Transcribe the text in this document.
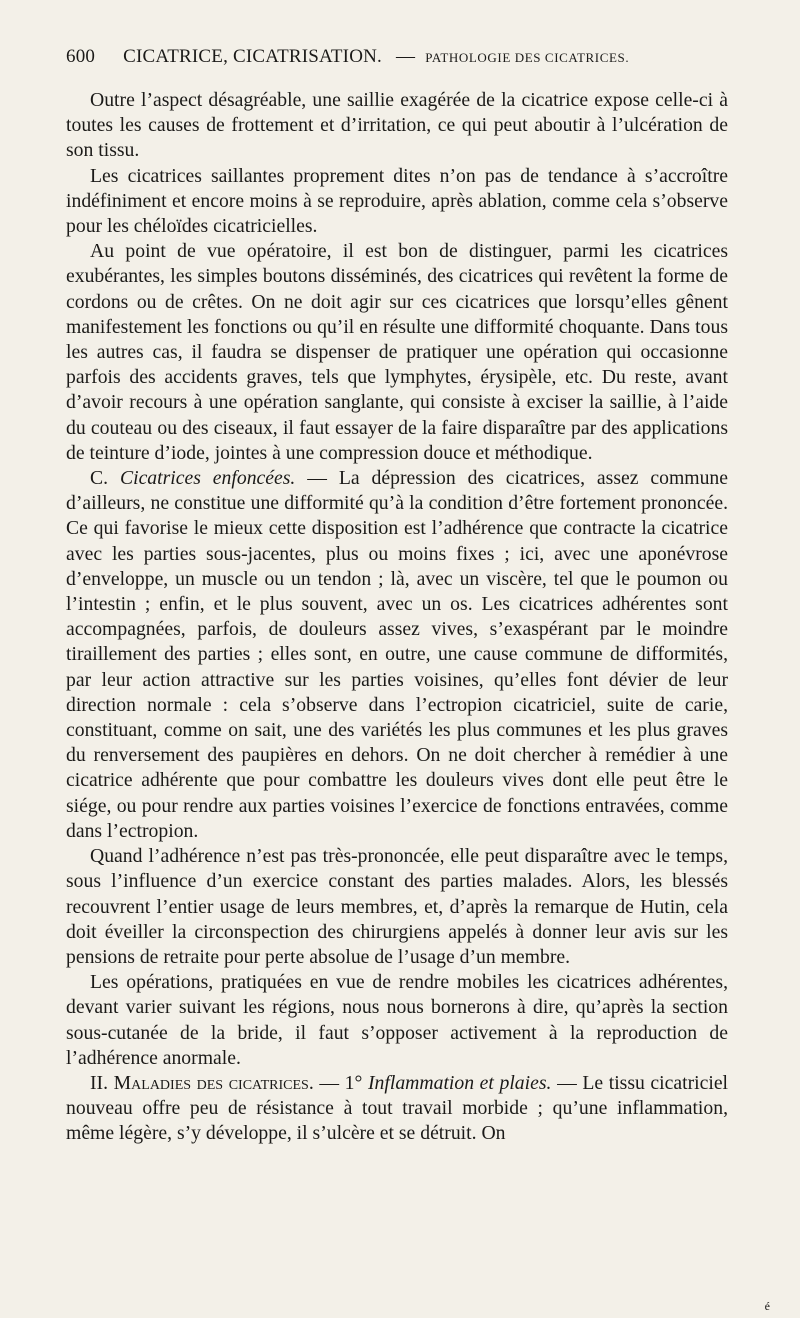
600 CICATRICE, CICATRISATION. — PATHOLOGIE DES CICATRICES.

Outre l’aspect désagréable, une saillie exagérée de la cicatrice expose celle-ci à toutes les causes de frottement et d’irritation, ce qui peut aboutir à l’ulcération de son tissu.

Les cicatrices saillantes proprement dites n’on pas de tendance à s’accroître indéfiniment et encore moins à se reproduire, après ablation, comme cela s’observe pour les chéloïdes cicatricielles.

Au point de vue opératoire, il est bon de distinguer, parmi les cicatrices exubérantes, les simples boutons disséminés, des cicatrices qui revêtent la forme de cordons ou de crêtes. On ne doit agir sur ces cicatrices que lorsqu’elles gênent manifestement les fonctions ou qu’il en résulte une difformité choquante. Dans tous les autres cas, il faudra se dispenser de pratiquer une opération qui occasionne parfois des accidents graves, tels que lymphytes, érysipèle, etc. Du reste, avant d’avoir recours à une opération sanglante, qui consiste à exciser la saillie, à l’aide du couteau ou des ciseaux, il faut essayer de la faire disparaître par des applications de teinture d’iode, jointes à une compression douce et méthodique.

C. Cicatrices enfoncées. — La dépression des cicatrices, assez commune d’ailleurs, ne constitue une difformité qu’à la condition d’être fortement prononcée. Ce qui favorise le mieux cette disposition est l’adhérence que contracte la cicatrice avec les parties sous-jacentes, plus ou moins fixes ; ici, avec une aponévrose d’enveloppe, un muscle ou un tendon ; là, avec un viscère, tel que le poumon ou l’intestin ; enfin, et le plus souvent, avec un os. Les cicatrices adhérentes sont accompagnées, parfois, de douleurs assez vives, s’exaspérant par le moindre tiraillement des parties ; elles sont, en outre, une cause commune de difformités, par leur action attractive sur les parties voisines, qu’elles font dévier de leur direction normale : cela s’observe dans l’ectropion cicatriciel, suite de carie, constituant, comme on sait, une des variétés les plus communes et les plus graves du renversement des paupières en dehors. On ne doit chercher à remédier à une cicatrice adhérente que pour combattre les douleurs vives dont elle peut être le siége, ou pour rendre aux parties voisines l’exercice de fonctions entravées, comme dans l’ectropion.

Quand l’adhérence n’est pas très-prononcée, elle peut disparaître avec le temps, sous l’influence d’un exercice constant des parties malades. Alors, les blessés recouvrent l’entier usage de leurs membres, et, d’après la remarque de Hutin, cela doit éveiller la circonspection des chirurgiens appelés à donner leur avis sur les pensions de retraite pour perte absolue de l’usage d’un membre.

Les opérations, pratiquées en vue de rendre mobiles les cicatrices adhérentes, devant varier suivant les régions, nous nous bornerons à dire, qu’après la section sous-cutanée de la bride, il faut s’opposer activement à la reproduction de l’adhérence anormale.

II. Maladies des cicatrices. — 1° Inflammation et plaies. — Le tissu cicatriciel nouveau offre peu de résistance à tout travail morbide ; qu’une inflammation, même légère, s’y développe, il s’ulcère et se détruit. On

é
